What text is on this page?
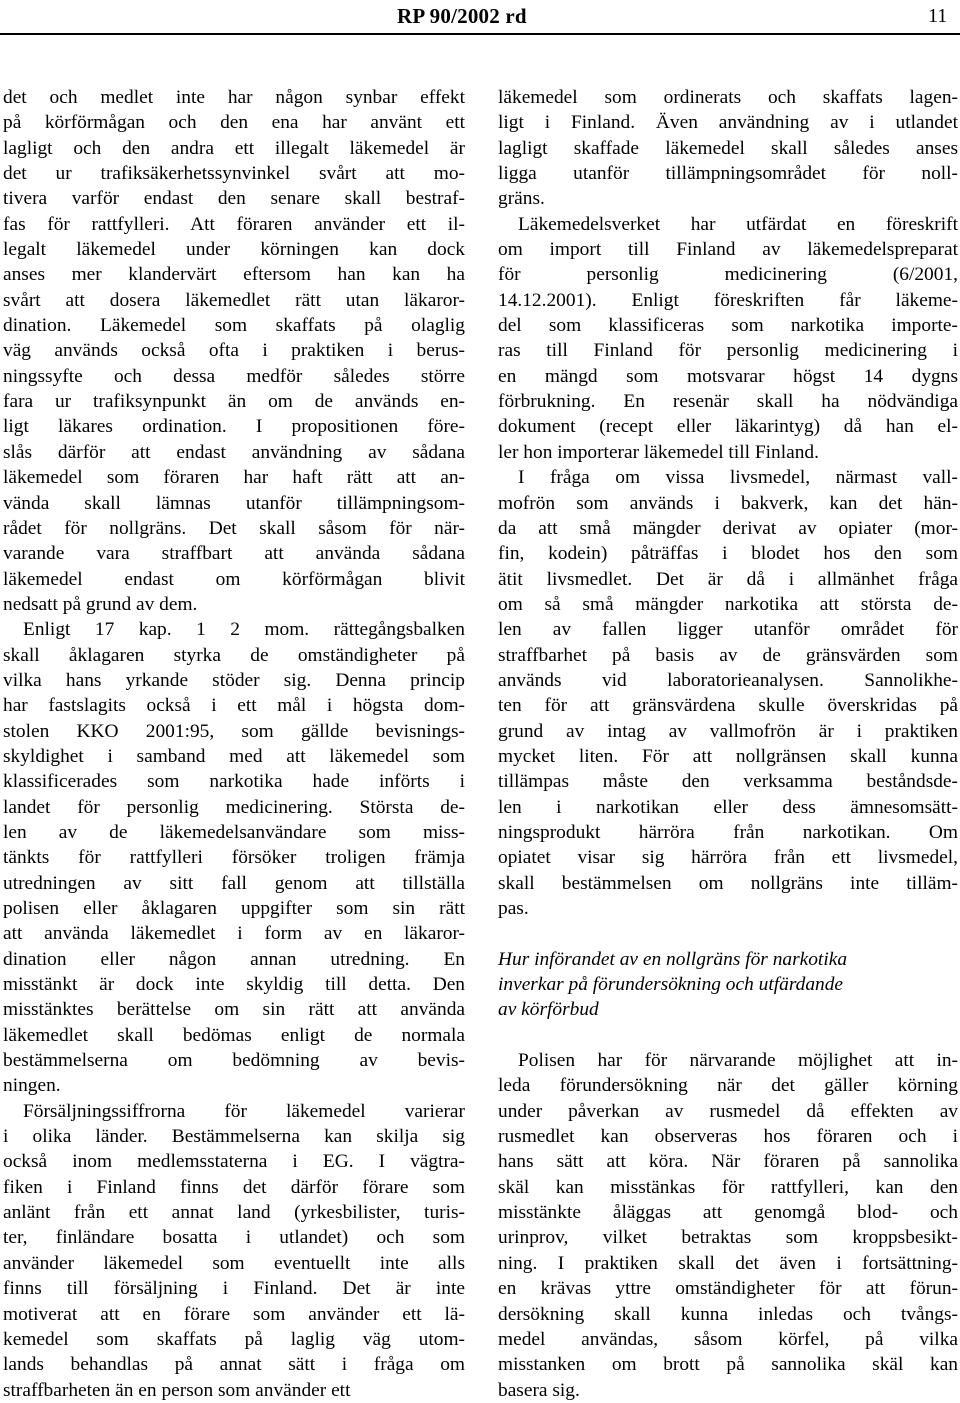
RP 90/2002 rd	11
det och medlet inte har någon synbar effekt
på körförmågan och den ena har använt ett
lagligt och den andra ett illegalt läkemedel är
det ur trafiksäkerhetssynvinkel svårt att mo-
tivera varför endast den senare skall bestraf-
fas för rattfylleri. Att föraren använder ett il-
legalt läkemedel under körningen kan dock
anses mer klandervärt eftersom han kan ha
svårt att dosera läkemedlet rätt utan läkaror-
dination. Läkemedel som skaffats på olaglig
väg används också ofta i praktiken i berus-
ningssyfte och dessa medför således större
fara ur trafiksynpunkt än om de används en-
ligt läkares ordination. I propositionen före-
slås därför att endast användning av sådana
läkemedel som föraren har haft rätt att an-
vända skall lämnas utanför tillämpningsom-
rådet för nollgräns. Det skall såsom för när-
varande vara straffbart att använda sådana
läkemedel endast om körförmågan blivit
nedsatt på grund av dem.
Enligt 17 kap. 1 2 mom. rättegångsbalken
skall åklagaren styrka de omständigheter på
vilka hans yrkande stöder sig. Denna princip
har fastslagits också i ett mål i högsta dom-
stolen KKO 2001:95, som gällde bevisnings-
skyldighet i samband med att läkemedel som
klassificerades som narkotika hade införts i
landet för personlig medicinering. Största de-
len av de läkemedelsanvändare som miss-
tänkts för rattfylleri försöker troligen främja
utredningen av sitt fall genom att tillställa
polisen eller åklagaren uppgifter som sin rätt
att använda läkemedlet i form av en läkaror-
dination eller någon annan utredning. En
misstänkt är dock inte skyldig till detta. Den
misstänktes berättelse om sin rätt att använda
läkemedlet skall bedömas enligt de normala
bestämmelserna om bedömning av bevis-
ningen.
Försäljningssiffrorna för läkemedel varierar
i olika länder. Bestämmelserna kan skilja sig
också inom medlemsstaterna i EG. I vägtra-
fiken i Finland finns det därför förare som
anlänt från ett annat land (yrkesbilister, turis-
ter, finländare bosatta i utlandet) och som
använder läkemedel som eventuellt inte alls
finns till försäljning i Finland. Det är inte
motiverat att en förare som använder ett lä-
kemedel som skaffats på laglig väg utom-
lands behandlas på annat sätt i fråga om
straffbarheten än en person som använder ett
läkemedel som ordinerats och skaffats lagen-
ligt i Finland. Även användning av i utlandet
lagligt skaffade läkemedel skall således anses
ligga utanför tillämpningsområdet för noll-
gräns.
Läkemedelsverket har utfärdat en föreskrift
om import till Finland av läkemedelspreparat
för personlig medicinering (6/2001,
14.12.2001). Enligt föreskriften får läkeme-
del som klassificeras som narkotika importe-
ras till Finland för personlig medicinering i
en mängd som motsvarar högst 14 dygns
förbrukning. En resenär skall ha nödvändiga
dokument (recept eller läkarintyg) då han el-
ler hon importerar läkemedel till Finland.
I fråga om vissa livsmedel, närmast vall-
mofrön som används i bakverk, kan det hän-
da att små mängder derivat av opiater (mor-
fin, kodein) påträffas i blodet hos den som
ätit livsmedlet. Det är då i allmänhet fråga
om så små mängder narkotika att största de-
len av fallen ligger utanför området för
straffbarhet på basis av de gränsvärden som
används vid laboratorieanalysen. Sannolikhe-
ten för att gränsvärdena skulle överskridas på
grund av intag av vallmofrön är i praktiken
mycket liten. För att nollgränsen skall kunna
tillämpas måste den verksamma beståndsde-
len i narkotikan eller dess ämnesomsätt-
ningsprodukt härröra från narkotikan. Om
opiatet visar sig härröra från ett livsmedel,
skall bestämmelsen om nollgräns inte tilläm-
pas.
Hur införandet av en nollgräns för narkotika
inverkar på förundersökning och utfärdande
av körförbud
Polisen har för närvarande möjlighet att in-
leda förundersökning när det gäller körning
under påverkan av rusmedel då effekten av
rusmedlet kan observeras hos föraren och i
hans sätt att köra. När föraren på sannolika
skäl kan misstänkas för rattfylleri, kan den
misstänkte åläggas att genomgå blod- och
urinprov, vilket betraktas som kroppsbesikt-
ning. I praktiken skall det även i fortsättning-
en krävas yttre omständigheter för att förun-
dersökning skall kunna inledas och tvångs-
medel användas, såsom körfel, på vilka
misstanken om brott på sannolika skäl kan
basera sig.
